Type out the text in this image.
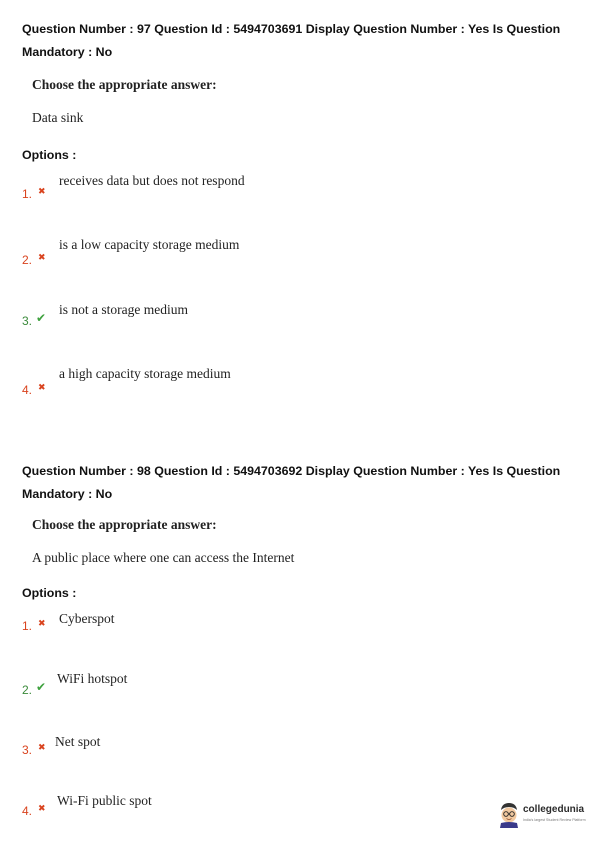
Question Number : 97 Question Id : 5494703691 Display Question Number : Yes Is Question
Mandatory : No
Choose the appropriate answer:
Data sink
Options :
1. ✖
receives data but does not respond
2. ✖
is a low capacity storage medium
3. ✔
is not a storage medium
4. ✖
a high capacity storage medium
Question Number : 98 Question Id : 5494703692 Display Question Number : Yes Is Question
Mandatory : No
Choose the appropriate answer:
A public place where one can access the Internet
Options :
1. ✖ Cyberspot
2. ✔
WiFi hotspot
3. ✖ Net spot
4. ✖
Wi-Fi public spot
collegedunia
India's largest Student Review Platform
